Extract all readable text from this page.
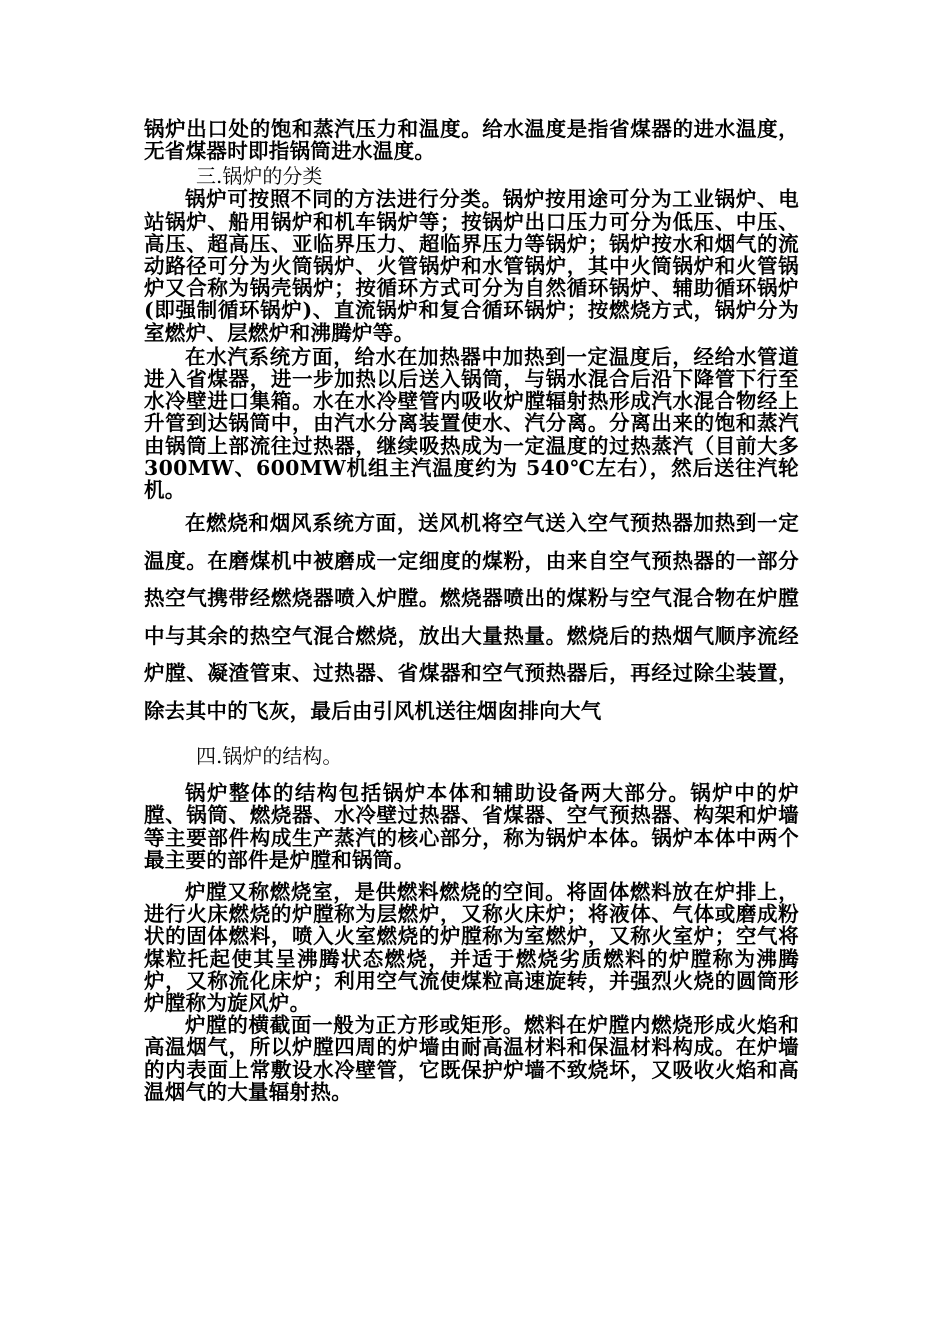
锅炉出口处的饱和蒸汽压力和温度。给水温度是指省煤器的进水温度，无省煤器时即指锅筒进水温度。

三.锅炉的分类

锅炉可按照不同的方法进行分类。锅炉按用途可分为工业锅炉、电站锅炉、船用锅炉和机车锅炉等；按锅炉出口压力可分为低压、中压、高压、超高压、亚临界压力、超临界压力等锅炉；锅炉按水和烟气的流动路径可分为火筒锅炉、火管锅炉和水管锅炉，其中火筒锅炉和火管锅炉又合称为锅壳锅炉；按循环方式可分为自然循环锅炉、辅助循环锅炉(即强制循环锅炉)、直流锅炉和复合循环锅炉；按燃烧方式，锅炉分为室燃炉、层燃炉和沸腾炉等。

在水汽系统方面，给水在加热器中加热到一定温度后，经给水管道进入省煤器，进一步加热以后送入锅筒，与锅水混合后沿下降管下行至水冷壁进口集箱。水在水冷壁管内吸收炉膛辐射热形成汽水混合物经上升管到达锅筒中，由汽水分离装置使水、汽分离。分离出来的饱和蒸汽由锅筒上部流往过热器，继续吸热成为一定温度的过热蒸汽（目前大多 300MW、600MW机组主汽温度约为 540℃左右），然后送往汽轮机。

在燃烧和烟风系统方面，送风机将空气送入空气预热器加热到一定温度。在磨煤机中被磨成一定细度的煤粉，由来自空气预热器的一部分热空气携带经燃烧器喷入炉膛。燃烧器喷出的煤粉与空气混合物在炉膛中与其余的热空气混合燃烧，放出大量热量。燃烧后的热烟气顺序流经炉膛、凝渣管束、过热器、省煤器和空气预热器后，再经过除尘装置，除去其中的飞灰，最后由引风机送往烟囱排向大气

四.锅炉的结构。

锅炉整体的结构包括锅炉本体和辅助设备两大部分。锅炉中的炉膛、锅筒、燃烧器、水冷壁过热器、省煤器、空气预热器、构架和炉墙等主要部件构成生产蒸汽的核心部分，称为锅炉本体。锅炉本体中两个最主要的部件是炉膛和锅筒。

炉膛又称燃烧室，是供燃料燃烧的空间。将固体燃料放在炉排上，进行火床燃烧的炉膛称为层燃炉，又称火床炉；将液体、气体或磨成粉状的固体燃料，喷入火室燃烧的炉膛称为室燃炉，又称火室炉；空气将煤粒托起使其呈沸腾状态燃烧，并适于燃烧劣质燃料的炉膛称为沸腾炉，又称流化床炉；利用空气流使煤粒高速旋转，并强烈火烧的圆筒形炉膛称为旋风炉。

炉膛的横截面一般为正方形或矩形。燃料在炉膛内燃烧形成火焰和高温烟气，所以炉膛四周的炉墙由耐高温材料和保温材料构成。在炉墙的内表面上常敷设水冷壁管，它既保护炉墙不致烧坏，又吸收火焰和高温烟气的大量辐射热。
